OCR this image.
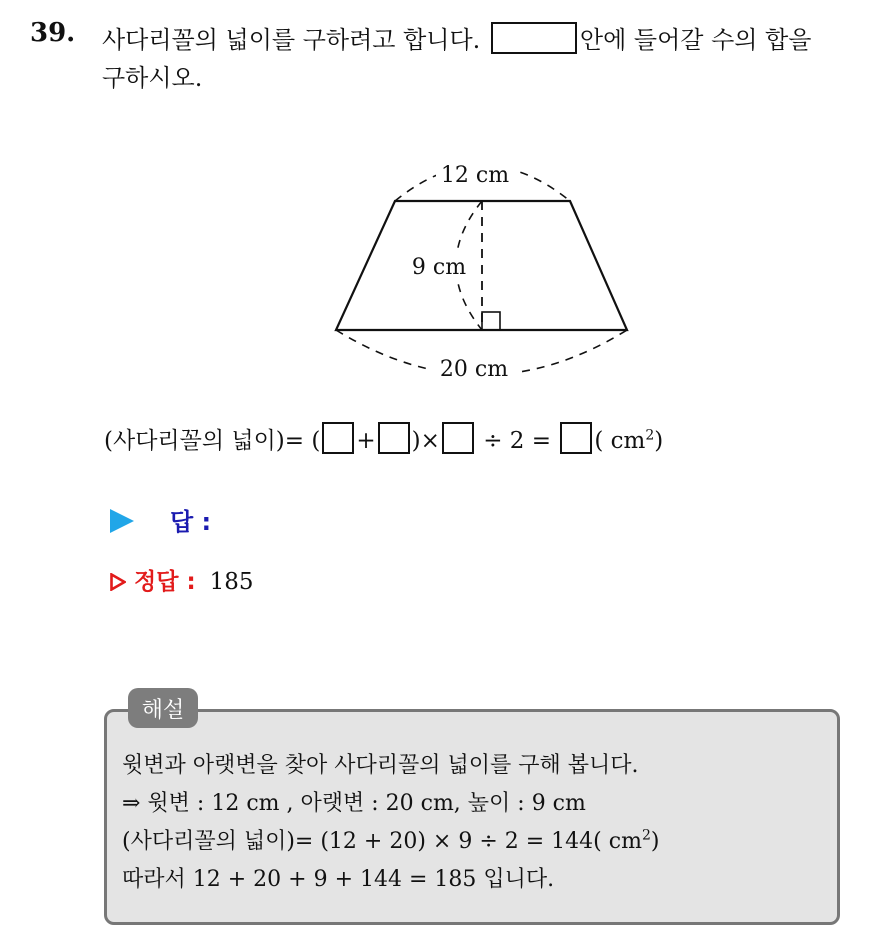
39. 사다리꼴의 넓이를 구하려고 합니다.	안에 들어갈 수의 합을
구하시오.
12 cm
9 cm
20 cm
(사다리꼴의 넓이)= ( + )× ÷ 2 = ( $cm^2$)
답 :
정답 : 185
해설
윗변과 아랫변을 찾아 사다리꼴의 넓이를 구해 봅니다.
⇒ 윗변 : 12 cm , 아랫변 : 20 cm, 높이 : 9 cm
(사다리꼴의 넓이)= (12 + 20) × 9 ÷ 2 = 144( $cm^2$)
따라서 12 + 20 + 9 + 144 = 185 입니다.
